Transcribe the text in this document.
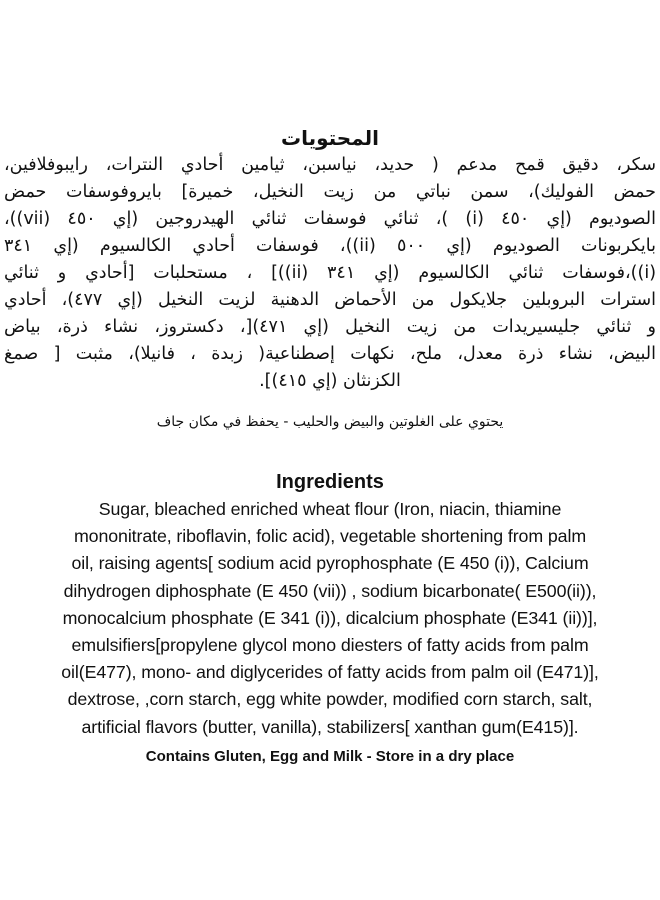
المحتويات
سكر، دقيق قمح مدعم ( حديد، نياسبن، ثيامين أحادي النترات، رايبوفلافين،
حمض الفوليك)، سمن نباتي من زيت النخيل، خميرة] بايروفوسفات حمض
الصوديوم (إي ٤٥٠ (i) )، ثنائي فوسفات ثنائي الهيدروجين (إي ٤٥٠ (vii))،
بايكربونات الصوديوم (إي ٥٠٠ (ii))، فوسفات أحادي الكالسيوم (إي ٣٤١
(i))،فوسفات ثنائي الكالسيوم (إي ٣٤١ (ii))] ، مستحلبات [أحادي و ثنائي
استرات البروبلين جلايكول من الأحماض الدهنية لزيت النخيل (إي ٤٧٧)، أحادي
و ثنائي جليسيريدات من زيت النخيل (إي ٤٧١)[، دكستروز، نشاء ذرة، بياض
البيض، نشاء ذرة معدل، ملح، نكهات إصطناعية( زبدة ، فانيلا)، مثبت [ صمغ
الكزنثان (إي ٤١٥)].
يحتوي على الغلوتين والبيض والحليب - يحفظ في مكان جاف
Ingredients
Sugar, bleached enriched wheat flour (Iron, niacin, thiamine
mononitrate, riboflavin, folic acid), vegetable shortening from palm
oil, raising agents[ sodium acid pyrophosphate (E 450 (i)), Calcium
dihydrogen diphosphate (E 450 (vii)) , sodium bicarbonate( E500(ii)),
monocalcium phosphate (E 341 (i)), dicalcium phosphate (E341 (ii))],
emulsifiers[propylene glycol mono diesters of fatty acids from palm
oil(E477), mono- and diglycerides of fatty acids from palm oil (E471)],
dextrose, ,corn starch, egg white powder, modified corn starch, salt,
artificial flavors (butter, vanilla), stabilizers[ xanthan gum(E415)].
Contains Gluten, Egg and Milk - Store in a dry place
